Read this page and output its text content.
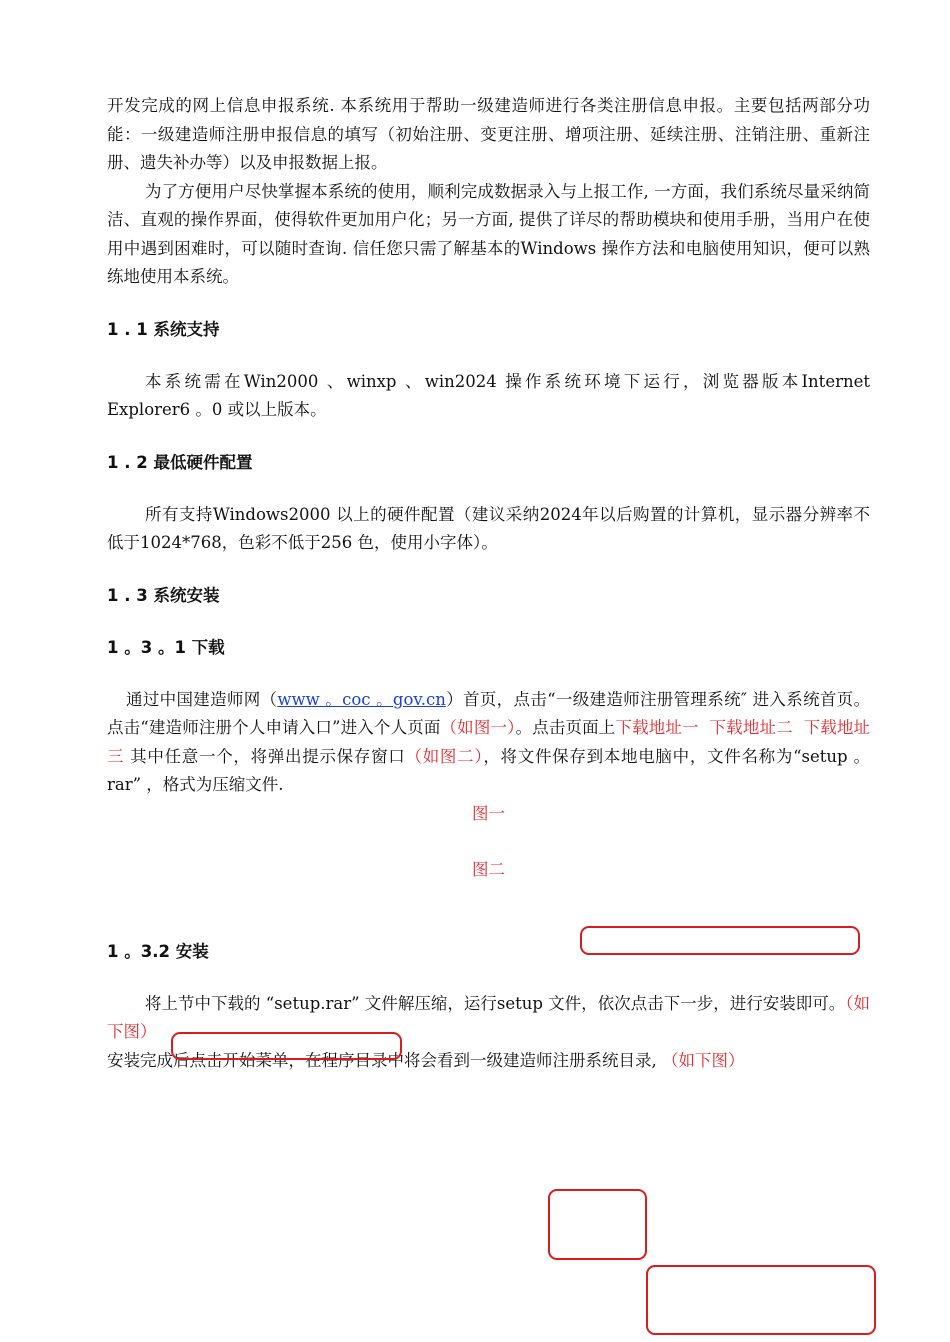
开发完成的网上信息申报系统. 本系统用于帮助一级建造师进行各类注册信息申报。主要包括两部分功能：一级建造师注册申报信息的填写（初始注册、变更注册、增项注册、延续注册、注销注册、重新注册、遗失补办等）以及申报数据上报。

为了方便用户尽快掌握本系统的使用，顺利完成数据录入与上报工作, 一方面，我们系统尽量采纳简洁、直观的操作界面，使得软件更加用户化；另一方面, 提供了详尽的帮助模块和使用手册，当用户在使用中遇到困难时，可以随时查询. 信任您只需了解基本的Windows 操作方法和电脑使用知识，便可以熟练地使用本系统。

1 . 1 系统支持

本系统需在Win2000 、winxp 、win2024 操作系统环境下运行，浏览器版本Internet Explorer6 。0 或以上版本。

1 . 2 最低硬件配置

所有支持Windows2000 以上的硬件配置（建议采纳2024年以后购置的计算机，显示器分辨率不低于1024*768，色彩不低于256 色，使用小字体）。

1 . 3 系统安装

1 。3 。1 下载

通过中国建造师网（www 。coc 。gov.cn）首页，点击“一级建造师注册管理系统″ 进入系统首页。点击“建造师注册个人申请入口”进入个人页面（如图一）。点击页面上下载地址一 下载地址二 下载地址三 其中任意一个，将弹出提示保存窗口（如图二），将文件保存到本地电脑中，文件名称为“setup 。rar” ，格式为压缩文件.

图一

图二

1 。3.2 安装

将上节中下载的 “setup.rar” 文件解压缩，运行setup 文件，依次点击下一步，进行安装即可。（如下图）

安装完成后点击开始菜单，在程序目录中将会看到一级建造师注册系统目录, （如下图）
